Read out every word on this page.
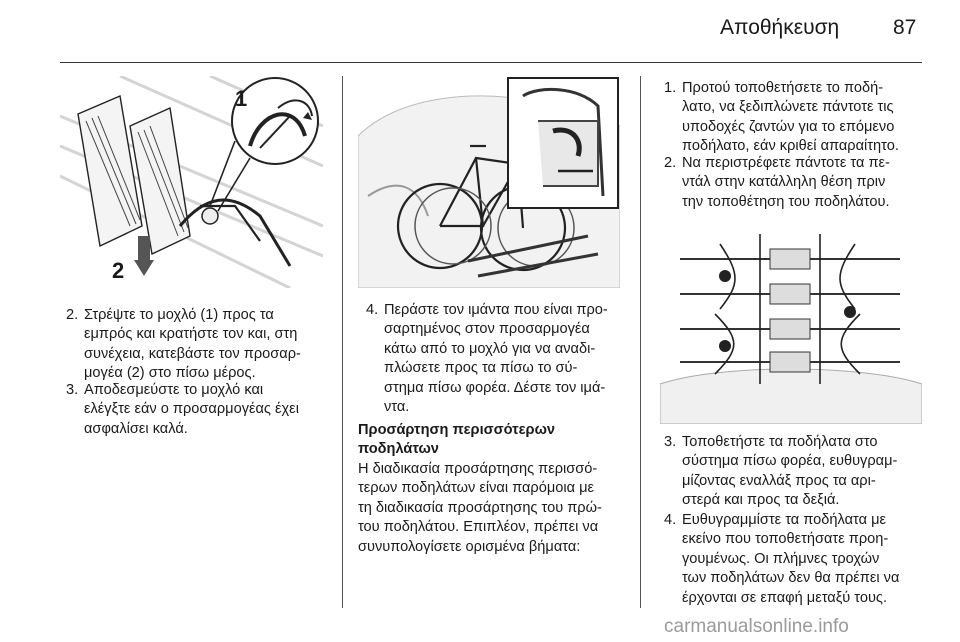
Αποθήκευση	87
1
2
2. Στρέψτε το μοχλό (1) προς τα
εμπρός και κρατήστε τον και, στη
συνέχεια, κατεβάστε τον προσαρ-
μογέα (2) στο πίσω μέρος.
3. Αποδεσμεύστε το μοχλό και
ελέγξτε εάν ο προσαρμογέας έχει
ασφαλίσει καλά.
4. Περάστε τον ιμάντα που είναι προ-
σαρτημένος στον προσαρμογέα
κάτω από το μοχλό για να αναδι-
πλώσετε προς τα πίσω το σύ-
στημα πίσω φορέα. Δέστε τον ιμά-
ντα.
Προσάρτηση περισσότερων
ποδηλάτων
Η διαδικασία προσάρτησης περισσό-
τερων ποδηλάτων είναι παρόμοια με
τη διαδικασία προσάρτησης του πρώ-
του ποδηλάτου. Επιπλέον, πρέπει να
συνυπολογίσετε ορισμένα βήματα:
1. Προτού τοποθετήσετε το ποδή-
λατο, να ξεδιπλώνετε πάντοτε τις
υποδοχές ζαντών για το επόμενο
ποδήλατο, εάν κριθεί απαραίτητο.
2. Να περιστρέφετε πάντοτε τα πε-
ντάλ στην κατάλληλη θέση πριν
την τοποθέτηση του ποδηλάτου.
3. Τοποθετήστε τα ποδήλατα στο
σύστημα πίσω φορέα, ευθυγραμ-
μίζοντας εναλλάξ προς τα αρι-
στερά και προς τα δεξιά.
4. Ευθυγραμμίστε τα ποδήλατα με
εκείνο που τοποθετήσατε προη-
γουμένως. Οι πλήμνες τροχών
των ποδηλάτων δεν θα πρέπει να
έρχονται σε επαφή μεταξύ τους.
carmanualsonline.info
